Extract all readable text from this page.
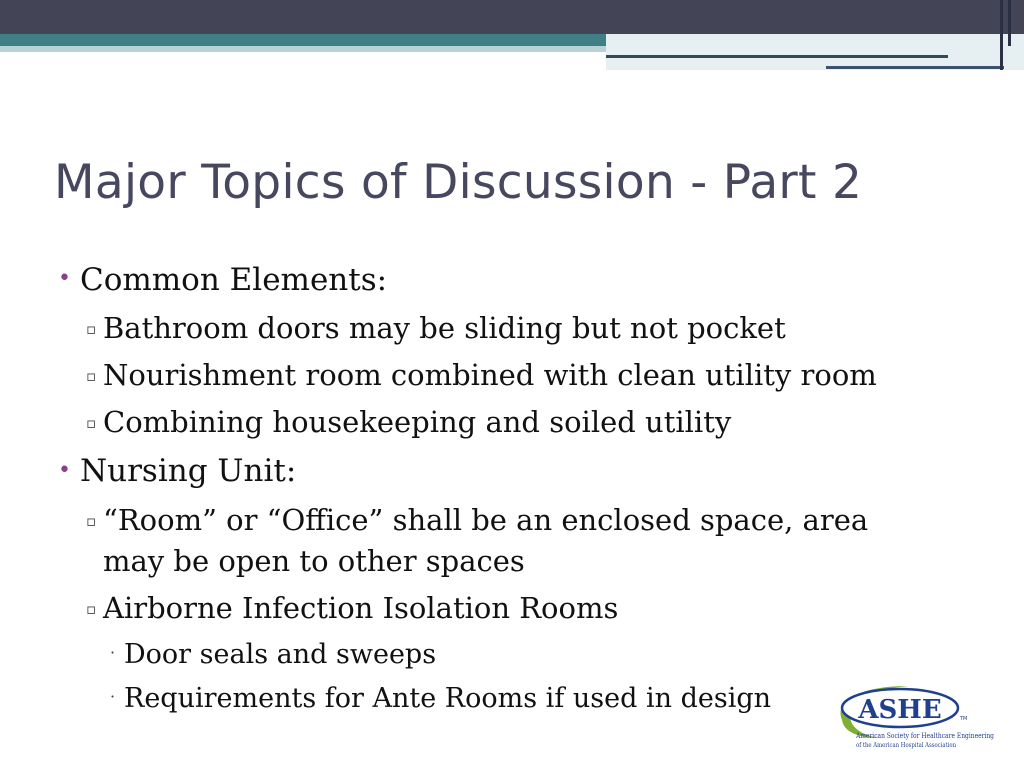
Major Topics of Discussion - Part 2
• Common Elements:
▫ Bathroom doors may be sliding but not pocket
▫ Nourishment room combined with clean utility room
▫ Combining housekeeping and soiled utility
• Nursing Unit:
▫ “Room” or “Office” shall be an enclosed space, area
may be open to other spaces
▫ Airborne Infection Isolation Rooms
· Door seals and sweeps
· Requirements for Ante Rooms if used in design	ASHE	TM
American Society for Healthcare Engineering
of the American Hospital Association
